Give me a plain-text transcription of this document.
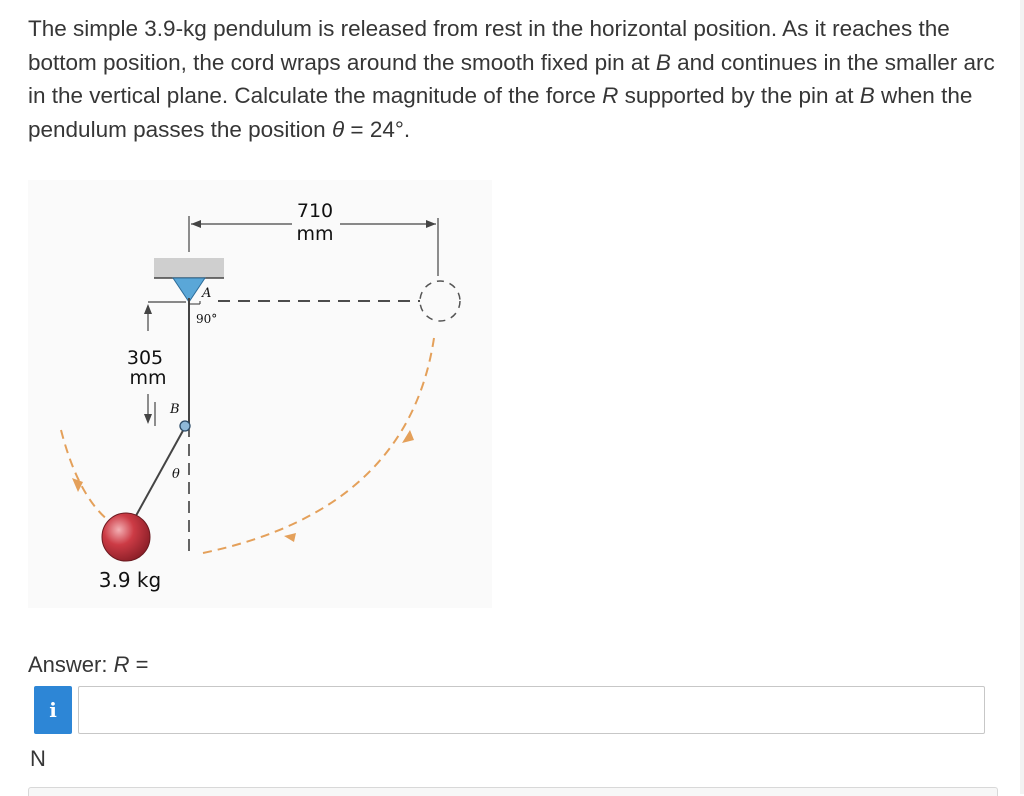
The simple 3.9-kg pendulum is released from rest in the horizontal position. As it reaches the bottom position, the cord wraps around the smooth fixed pin at B and continues in the smaller arc in the vertical plane. Calculate the magnitude of the force R supported by the pin at B when the pendulum passes the position θ = 24°.

710
mm
305
mm
A
90°
B
θ
3.9 kg
Answer: R =
i
N
